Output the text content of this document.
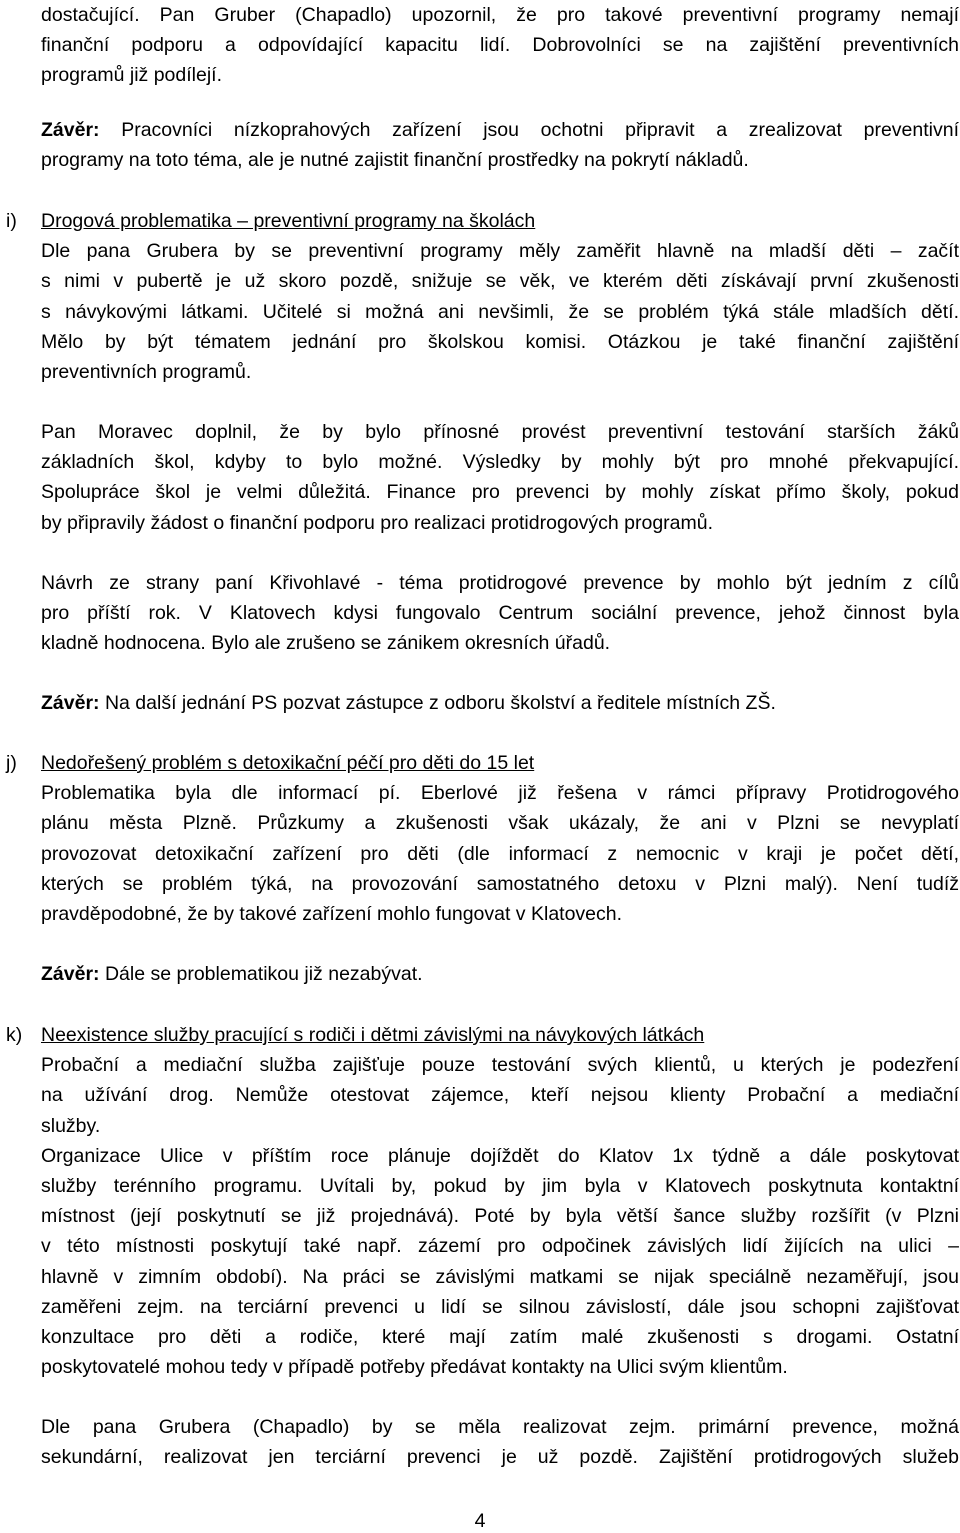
dostačující. Pan Gruber (Chapadlo) upozornil, že pro takové preventivní programy nemají
finanční podporu a odpovídající kapacitu lidí. Dobrovolníci se na zajištění preventivních
programů již podílejí.
Závěr: Pracovníci nízkoprahových zařízení jsou ochotni připravit a zrealizovat preventivní
programy na toto téma, ale je nutné zajistit finanční prostředky na pokrytí nákladů.
i) Drogová problematika – preventivní programy na školách
Dle pana Grubera by se preventivní programy měly zaměřit hlavně na mladší děti – začít
s nimi v pubertě je už skoro pozdě, snižuje se věk, ve kterém děti získávají první zkušenosti
s návykovými látkami. Učitelé si možná ani nevšimli, že se problém týká stále mladších dětí.
Mělo by být tématem jednání pro školskou komisi. Otázkou je také finanční zajištění
preventivních programů.
Pan Moravec doplnil, že by bylo přínosné provést preventivní testování starších žáků
základních škol, kdyby to bylo možné. Výsledky by mohly být pro mnohé překvapující.
Spolupráce škol je velmi důležitá. Finance pro prevenci by mohly získat přímo školy, pokud
by připravily žádost o finanční podporu pro realizaci protidrogových programů.
Návrh ze strany paní Křivohlavé - téma protidrogové prevence by mohlo být jedním z cílů
pro příští rok. V Klatovech kdysi fungovalo Centrum sociální prevence, jehož činnost byla
kladně hodnocena. Bylo ale zrušeno se zánikem okresních úřadů.
Závěr: Na další jednání PS pozvat zástupce z odboru školství a ředitele místních ZŠ.
j) Nedořešený problém s detoxikační péčí pro děti do 15 let
Problematika byla dle informací pí. Eberlové již řešena v rámci přípravy Protidrogového
plánu města Plzně. Průzkumy a zkušenosti však ukázaly, že ani v Plzni se nevyplatí
provozovat detoxikační zařízení pro děti (dle informací z nemocnic v kraji je počet dětí,
kterých se problém týká, na provozování samostatného detoxu v Plzni malý). Není tudíž
pravděpodobné, že by takové zařízení mohlo fungovat v Klatovech.
Závěr: Dále se problematikou již nezabývat.
k) Neexistence služby pracující s rodiči i dětmi závislými na návykových látkách
Probační a mediační služba zajišťuje pouze testování svých klientů, u kterých je podezření
na užívání drog. Nemůže otestovat zájemce, kteří nejsou klienty Probační a mediační
služby.
Organizace Ulice v příštím roce plánuje dojíždět do Klatov 1x týdně a dále poskytovat
služby terénního programu. Uvítali by, pokud by jim byla v Klatovech poskytnuta kontaktní
místnost (její poskytnutí se již projednává). Poté by byla větší šance služby rozšířit (v Plzni
v této místnosti poskytují také např. zázemí pro odpočinek závislých lidí žijících na ulici –
hlavně v zimním období). Na práci se závislými matkami se nijak speciálně nezaměřují, jsou
zaměřeni zejm. na terciární prevenci u lidí se silnou závislostí, dále jsou schopni zajišťovat
konzultace pro děti a rodiče, které mají zatím malé zkušenosti s drogami. Ostatní
poskytovatelé mohou tedy v případě potřeby předávat kontakty na Ulici svým klientům.
Dle pana Grubera (Chapadlo) by se měla realizovat zejm. primární prevence, možná
sekundární, realizovat jen terciární prevenci je už pozdě. Zajištění protidrogových služeb
4
